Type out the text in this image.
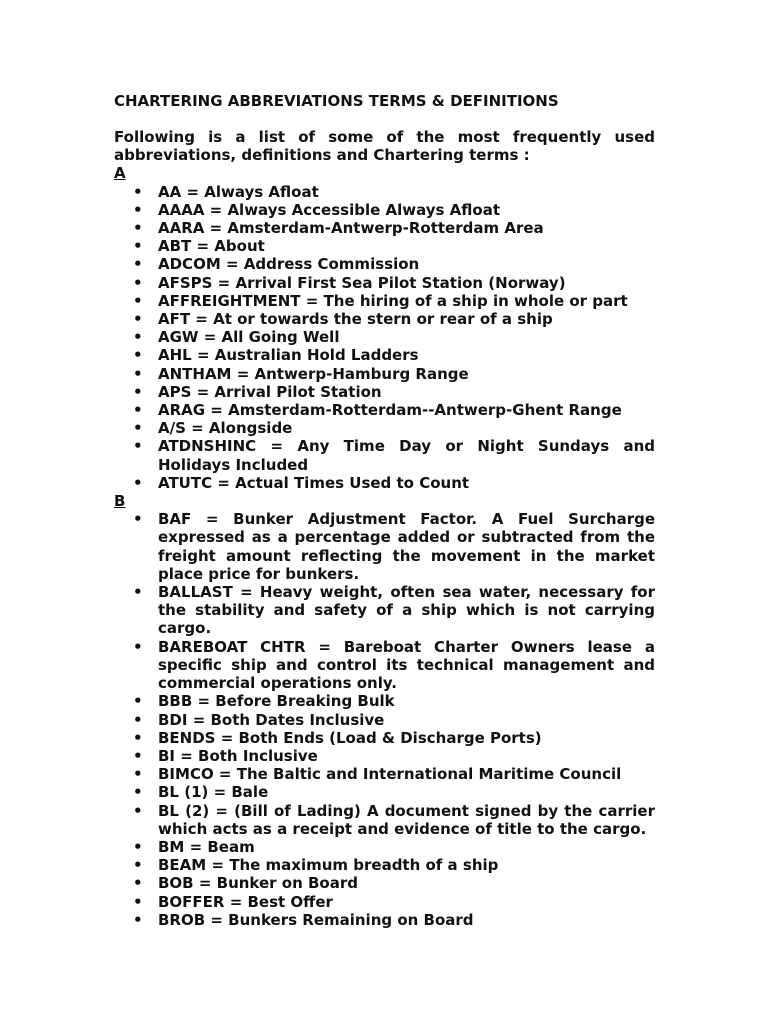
CHARTERING ABBREVIATIONS TERMS & DEFINITIONS

Following is a list of some of the most frequently used abbreviations, definitions and Chartering terms :

A
• AA = Always Afloat
• AAAA = Always Accessible Always Afloat
• AARA = Amsterdam-Antwerp-Rotterdam Area
• ABT = About
• ADCOM = Address Commission
• AFSPS = Arrival First Sea Pilot Station (Norway)
• AFFREIGHTMENT = The hiring of a ship in whole or part
• AFT = At or towards the stern or rear of a ship
• AGW = All Going Well
• AHL = Australian Hold Ladders
• ANTHAM = Antwerp-Hamburg Range
• APS = Arrival Pilot Station
• ARAG = Amsterdam-Rotterdam--Antwerp-Ghent Range
• A/S = Alongside
• ATDNSHINC = Any Time Day or Night Sundays and Holidays Included
• ATUTC = Actual Times Used to Count
B
• BAF = Bunker Adjustment Factor. A Fuel Surcharge expressed as a percentage added or subtracted from the freight amount reflecting the movement in the market place price for bunkers.
• BALLAST = Heavy weight, often sea water, necessary for the stability and safety of a ship which is not carrying cargo.
• BAREBOAT CHTR = Bareboat Charter Owners lease a specific ship and control its technical management and commercial operations only.
• BBB = Before Breaking Bulk
• BDI = Both Dates Inclusive
• BENDS = Both Ends (Load & Discharge Ports)
• BI = Both Inclusive
• BIMCO = The Baltic and International Maritime Council
• BL (1) = Bale
• BL (2) = (Bill of Lading) A document signed by the carrier which acts as a receipt and evidence of title to the cargo.
• BM = Beam
• BEAM = The maximum breadth of a ship
• BOB = Bunker on Board
• BOFFER = Best Offer
• BROB = Bunkers Remaining on Board
